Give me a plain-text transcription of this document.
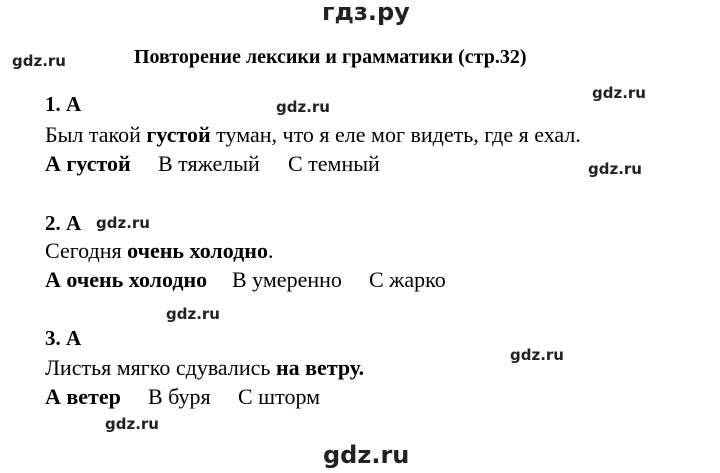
гдз.ру
gdz.ru
gdz.ru
gdz.ru
gdz.ru
gdz.ru
gdz.ru
gdz.ru
gdz.ru
gdz.ru
Повторение лексики и грамматики (стр.32)
1. А
Был такой густой туман, что я еле мог видеть, где я ехал.
А густой В тяжелый С темный
2. А
Сегодня очень холодно.
А очень холодно В умеренно С жарко
3. А
Листья мягко сдувались на ветру.
А ветер В буря С шторм
